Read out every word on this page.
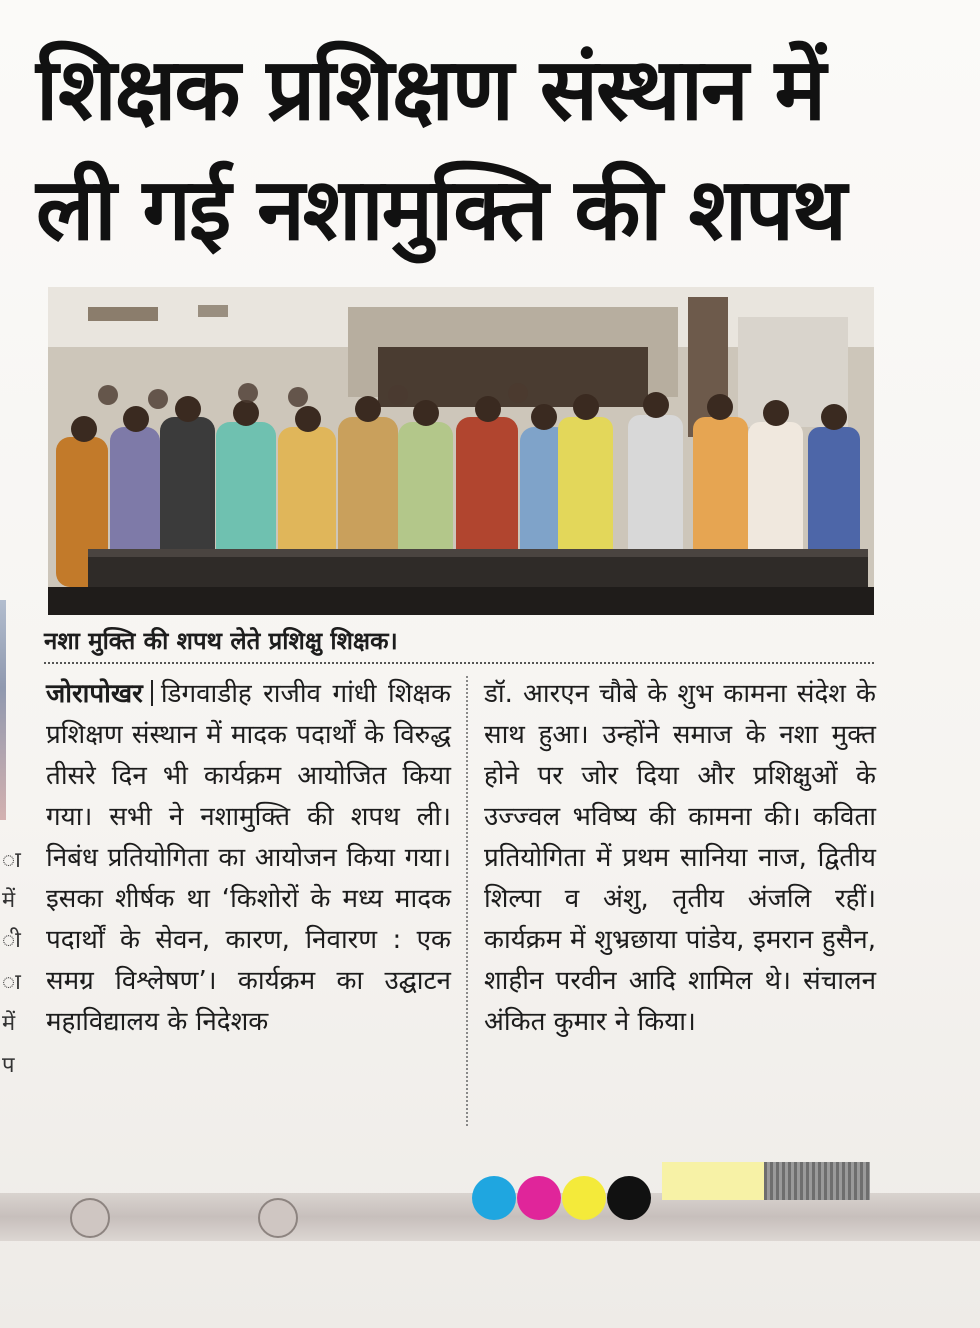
ा
में
ी
ा
में
प
शिक्षक प्रशिक्षण संस्थान में
ली गई नशामुक्ति की शपथ

नशा मुक्ति की शपथ लेते प्रशिक्षु शिक्षक।

जोरापोखर डिगवाडीह राजीव गांधी शिक्षक प्रशिक्षण संस्थान में मादक पदार्थों के विरुद्ध तीसरे दिन भी कार्यक्रम आयोजित किया गया। सभी ने नशामुक्ति की शपथ ली। निबंध प्रतियोगिता का आयोजन किया गया। इसका शीर्षक था ‘किशोरों के मध्य मादक पदार्थों के सेवन, कारण, निवारण : एक समग्र विश्लेषण’। कार्यक्रम का उद्घाटन महाविद्यालय के निदेशक

डॉ. आरएन चौबे के शुभ कामना संदेश के साथ हुआ। उन्होंने समाज के नशा मुक्त होने पर जोर दिया और प्रशिक्षुओं के उज्ज्वल भविष्य की कामना की। कविता प्रतियोगिता में प्रथम सानिया नाज, द्वितीय शिल्पा व अंशु, तृतीय अंजलि रहीं। कार्यक्रम में शुभ्रछाया पांडेय, इमरान हुसैन, शाहीन परवीन आदि शामिल थे। संचालन अंकित कुमार ने किया।
